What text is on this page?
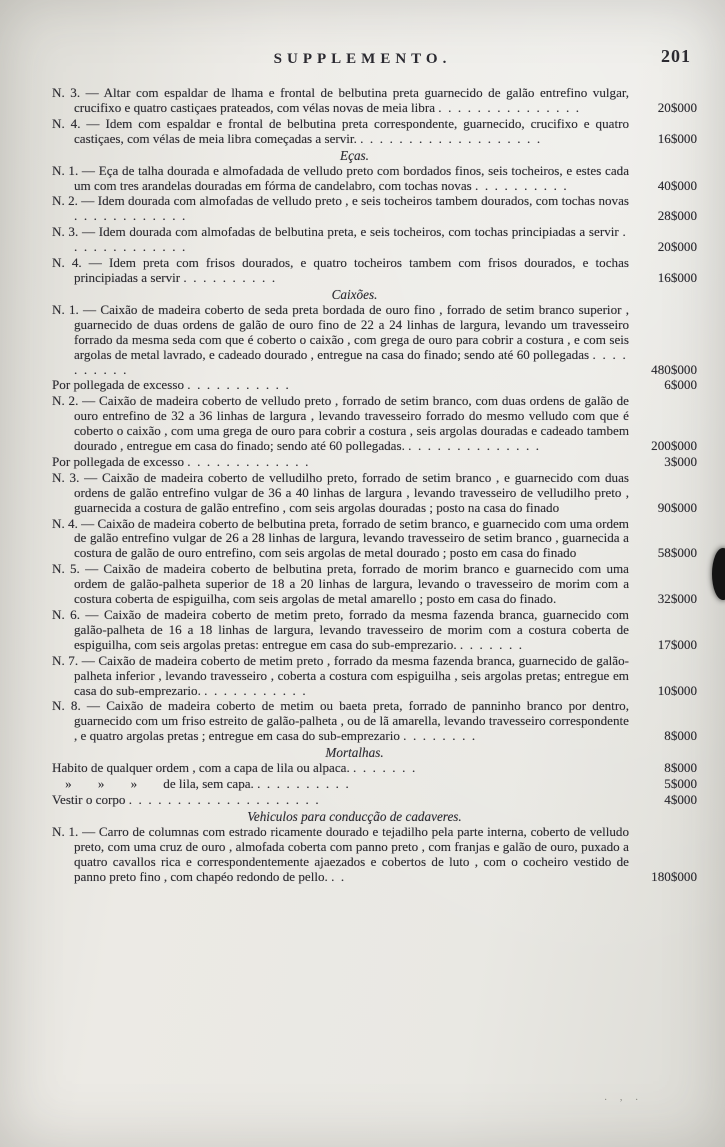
SUPPLEMENTO.	201
N. 3. — Altar com espaldar de lhama e frontal de belbutina preta guarnecido de galão entrefino vulgar, crucifixo e quatro castiçaes prateados, com vélas novas de meia libra .  .  .  .  .  .  .  .  .  .  .  .  .  .  .	20$000
N. 4. — Idem com espaldar e frontal de belbutina preta correspondente, guarnecido, crucifixo e quatro castiçaes, com vélas de meia libra começadas a servir. .  .  .  .  .  .  .  .  .  .  .  .  .  .  .  .  .  .  .	16$000
Eças.
N. 1. — Eça de talha dourada e almofadada de velludo preto com bordados finos, seis tocheiros, e estes cada um com tres arandelas douradas em fórma de candelabro, com tochas novas .  .  .  .  .  .  .  .  .  .	40$000
N. 2. — Idem dourada com almofadas de velludo preto , e seis tocheiros tambem dourados, com tochas novas .  .  .  .  .  .  .  .  .  .  .  .	28$000
N. 3. — Idem dourada com almofadas de belbutina preta, e seis tocheiros, com tochas principiadas a servir .  .  .  .  .  .  .  .  .  .  .  .  .	20$000
N. 4. — Idem preta com frisos dourados, e quatro tocheiros tambem com frisos dourados, e tochas principiadas a servir .  .  .  .  .  .  .  .  .  .	16$000
Caixões.
N. 1. — Caixão de madeira coberto de seda preta bordada de ouro fino , forrado de setim branco superior , guarnecido de duas ordens de galão de ouro fino de 22 a 24 linhas de largura, levando um travesseiro forrado da mesma seda com que é coberto o caixão , com grega de ouro para cobrir a costura , e com seis argolas de metal lavrado, e cadeado dourado , entregue na casa do finado; sendo até 60 pollegadas .  .  .  .  .  .  .  .  .  .	480$000
Por pollegada de excesso .  .  .  .  .  .  .  .  .  .  .	6$000
N. 2. — Caixão de madeira coberto de velludo preto , forrado de setim branco, com duas ordens de galão de ouro entrefino de 32 a 36 linhas de largura , levando travesseiro forrado do mesmo velludo com que é coberto o caixão , com uma grega de ouro para cobrir a costura , seis argolas douradas e cadeado tambem dourado , entregue em casa do finado; sendo até 60 pollegadas. .  .  .  .  .  .  .  .  .  .  .  .  .  .	200$000
Por pollegada de excesso .  .  .  .  .  .  .  .  .  .  .  .  .	3$000
N. 3. — Caixão de madeira coberto de velludilho preto, forrado de setim branco , e guarnecido com duas ordens de galão entrefino vulgar de 36 a 40 linhas de largura , levando travesseiro de velludilho preto , guarnecida a costura de galão entrefino , com seis argolas douradas ; posto na casa do finado	90$000
N. 4. — Caixão de madeira coberto de belbutina preta, forrado de setim branco, e guarnecido com uma ordem de galão entrefino vulgar de 26 a 28 linhas de largura, levando travesseiro de setim branco , guarnecida a costura de galão de ouro entrefino, com seis argolas de metal dourado ; posto em casa do finado	58$000
N. 5. — Caixão de madeira coberto de belbutina preta, forrado de morim branco e guarnecido com uma ordem de galão-palheta superior de 18 a 20 linhas de largura, levando o travesseiro de morim com a costura coberta de espiguilha, com seis argolas de metal amarello ; posto em casa do finado.	32$000
N. 6. — Caixão de madeira coberto de metim preto, forrado da mesma fazenda branca, guarnecido com galão-palheta de 16 a 18 linhas de largura, levando travesseiro de morim com a costura coberta de espiguilha, com seis argolas pretas: entregue em casa do sub-emprezario. .  .  .  .  .  .  .	17$000
N. 7. — Caixão de madeira coberto de metim preto , forrado da mesma fazenda branca, guarnecido de galão-palheta inferior , levando travesseiro , coberta a costura com espiguilha , seis argolas pretas; entregue em casa do sub-emprezario. .  .  .  .  .  .  .  .  .  .  .	10$000
N. 8. — Caixão de madeira coberto de metim ou baeta preta, forrado de panninho branco por dentro, guarnecido com um friso estreito de galão-palheta , ou de lã amarella, levando travesseiro correspondente , e quatro argolas pretas ; entregue em casa do sub-emprezario .  .  .  .  .  .  .  .	8$000
Mortalhas.
Habito de qualquer ordem , com a capa de lila ou alpaca. .  .  .  .  .  .  .	8$000
»        »        »        de lila, sem capa. .  .  .  .  .  .  .  .  .  .	5$000
Vestir o corpo .  .  .  .  .  .  .  .  .  .  .  .  .  .  .  .  .  .  .  .	4$000
Vehiculos para conducção de cadaveres.
N. 1. — Carro de columnas com estrado ricamente dourado e tejadilho pela parte interna, coberto de velludo preto, com uma cruz de ouro , almofada coberta com panno preto , com franjas e galão de ouro, puxado a quatro cavallos rica e correspondentemente ajaezados e cobertos de luto , com o cocheiro vestido de panno preto fino , com chapéo redondo de pello. .  .	180$000
. , .
